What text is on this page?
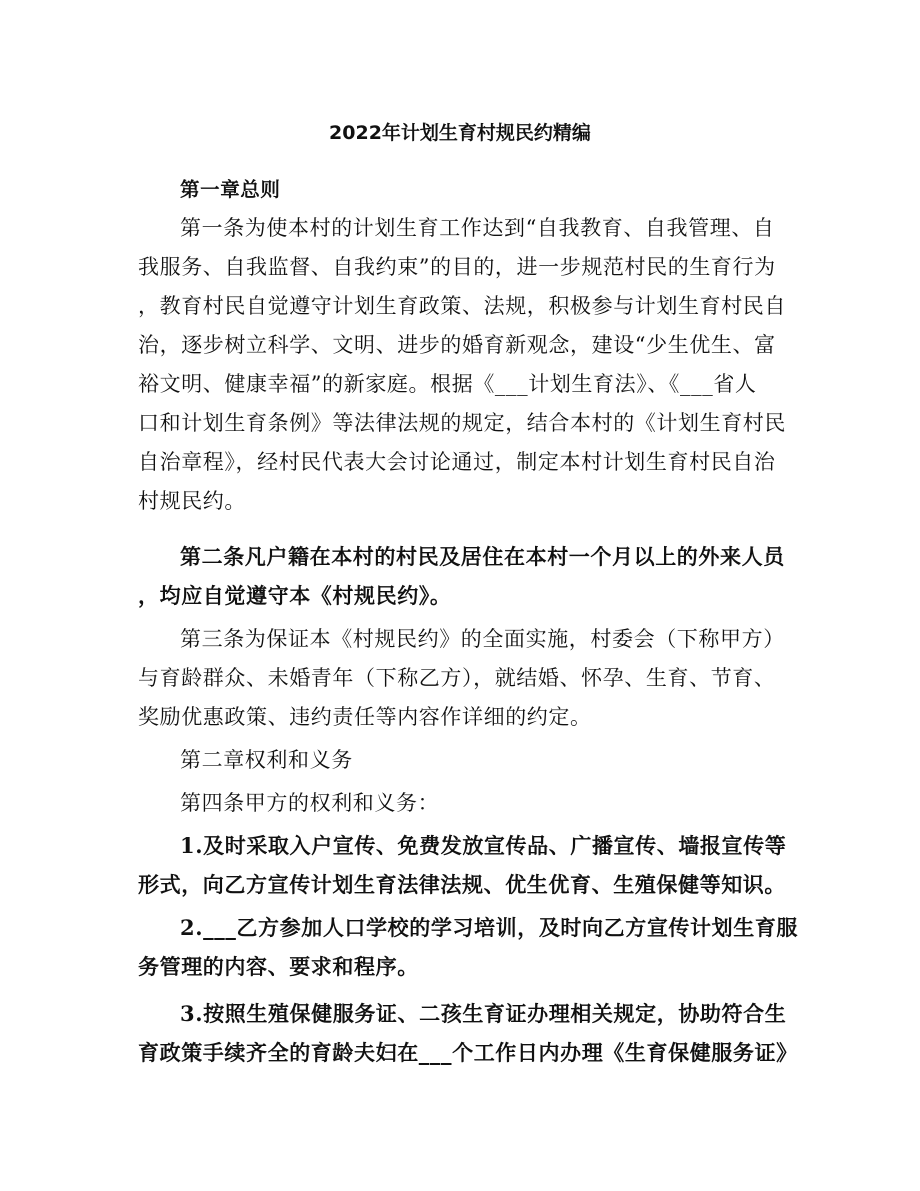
2022年计划生育村规民约精编
第一章总则
第一条为使本村的计划生育工作达到“自我教育、自我管理、自
我服务、自我监督、自我约束”的目的，进一步规范村民的生育行为
，教育村民自觉遵守计划生育政策、法规，积极参与计划生育村民自
治，逐步树立科学、文明、进步的婚育新观念，建设“少生优生、富
裕文明、健康幸福”的新家庭。根据《___计划生育法》、《___省人
口和计划生育条例》等法律法规的规定，结合本村的《计划生育村民
自治章程》，经村民代表大会讨论通过，制定本村计划生育村民自治
村规民约。
第二条凡户籍在本村的村民及居住在本村一个月以上的外来人员
，均应自觉遵守本《村规民约》。
第三条为保证本《村规民约》的全面实施，村委会（下称甲方）
与育龄群众、未婚青年（下称乙方），就结婚、怀孕、生育、节育、
奖励优惠政策、违约责任等内容作详细的约定。
第二章权利和义务
第四条甲方的权利和义务：
1.及时采取入户宣传、免费发放宣传品、广播宣传、墙报宣传等
形式，向乙方宣传计划生育法律法规、优生优育、生殖保健等知识。
2.___乙方参加人口学校的学习培训，及时向乙方宣传计划生育服
务管理的内容、要求和程序。
3.按照生殖保健服务证、二孩生育证办理相关规定，协助符合生
育政策手续齐全的育龄夫妇在___个工作日内办理《生育保健服务证》
